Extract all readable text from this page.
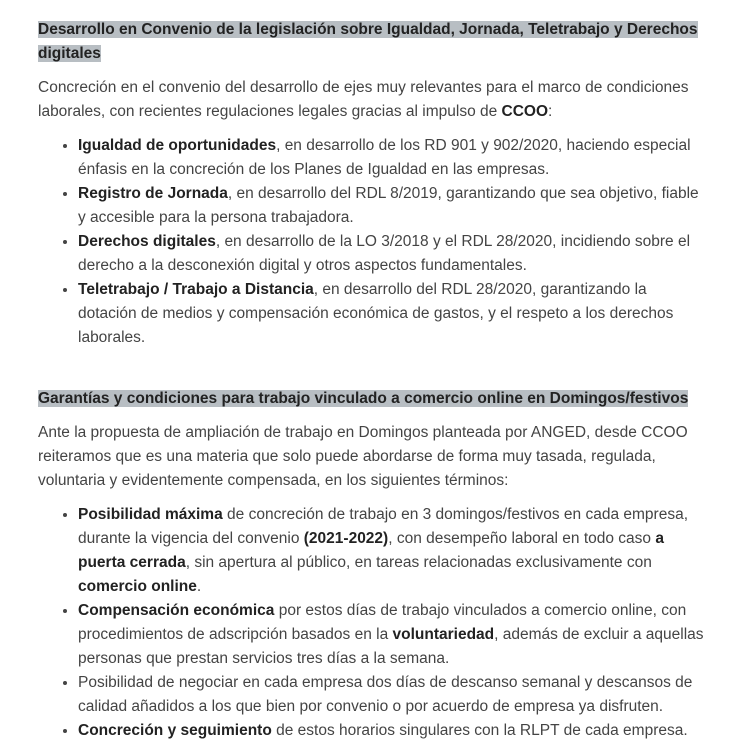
Desarrollo en Convenio de la legislación sobre Igualdad, Jornada, Teletrabajo y Derechos
digitales

Concreción en el convenio del desarrollo de ejes muy relevantes para el marco de condiciones laborales, con recientes regulaciones legales gracias al impulso de CCOO:

• Igualdad de oportunidades, en desarrollo de los RD 901 y 902/2020, haciendo especial énfasis en la concreción de los Planes de Igualdad en las empresas.
• Registro de Jornada, en desarrollo del RDL 8/2019, garantizando que sea objetivo, fiable y accesible para la persona trabajadora.
• Derechos digitales, en desarrollo de la LO 3/2018 y el RDL 28/2020, incidiendo sobre el derecho a la desconexión digital y otros aspectos fundamentales.
• Teletrabajo / Trabajo a Distancia, en desarrollo del RDL 28/2020, garantizando la dotación de medios y compensación económica de gastos, y el respeto a los derechos laborales.
Garantías y condiciones para trabajo vinculado a comercio online en Domingos/festivos

Ante la propuesta de ampliación de trabajo en Domingos planteada por ANGED, desde CCOO reiteramos que es una materia que solo puede abordarse de forma muy tasada, regulada, voluntaria y evidentemente compensada, en los siguientes términos:

• Posibilidad máxima de concreción de trabajo en 3 domingos/festivos en cada empresa, durante la vigencia del convenio (2021-2022), con desempeño laboral en todo caso a puerta cerrada, sin apertura al público, en tareas relacionadas exclusivamente con comercio online.
• Compensación económica por estos días de trabajo vinculados a comercio online, con procedimientos de adscripción basados en la voluntariedad, además de excluir a aquellas personas que prestan servicios tres días a la semana.
• Posibilidad de negociar en cada empresa dos días de descanso semanal y descansos de calidad añadidos a los que bien por convenio o por acuerdo de empresa ya disfruten.
• Concreción y seguimiento de estos horarios singulares con la RLPT de cada empresa.
